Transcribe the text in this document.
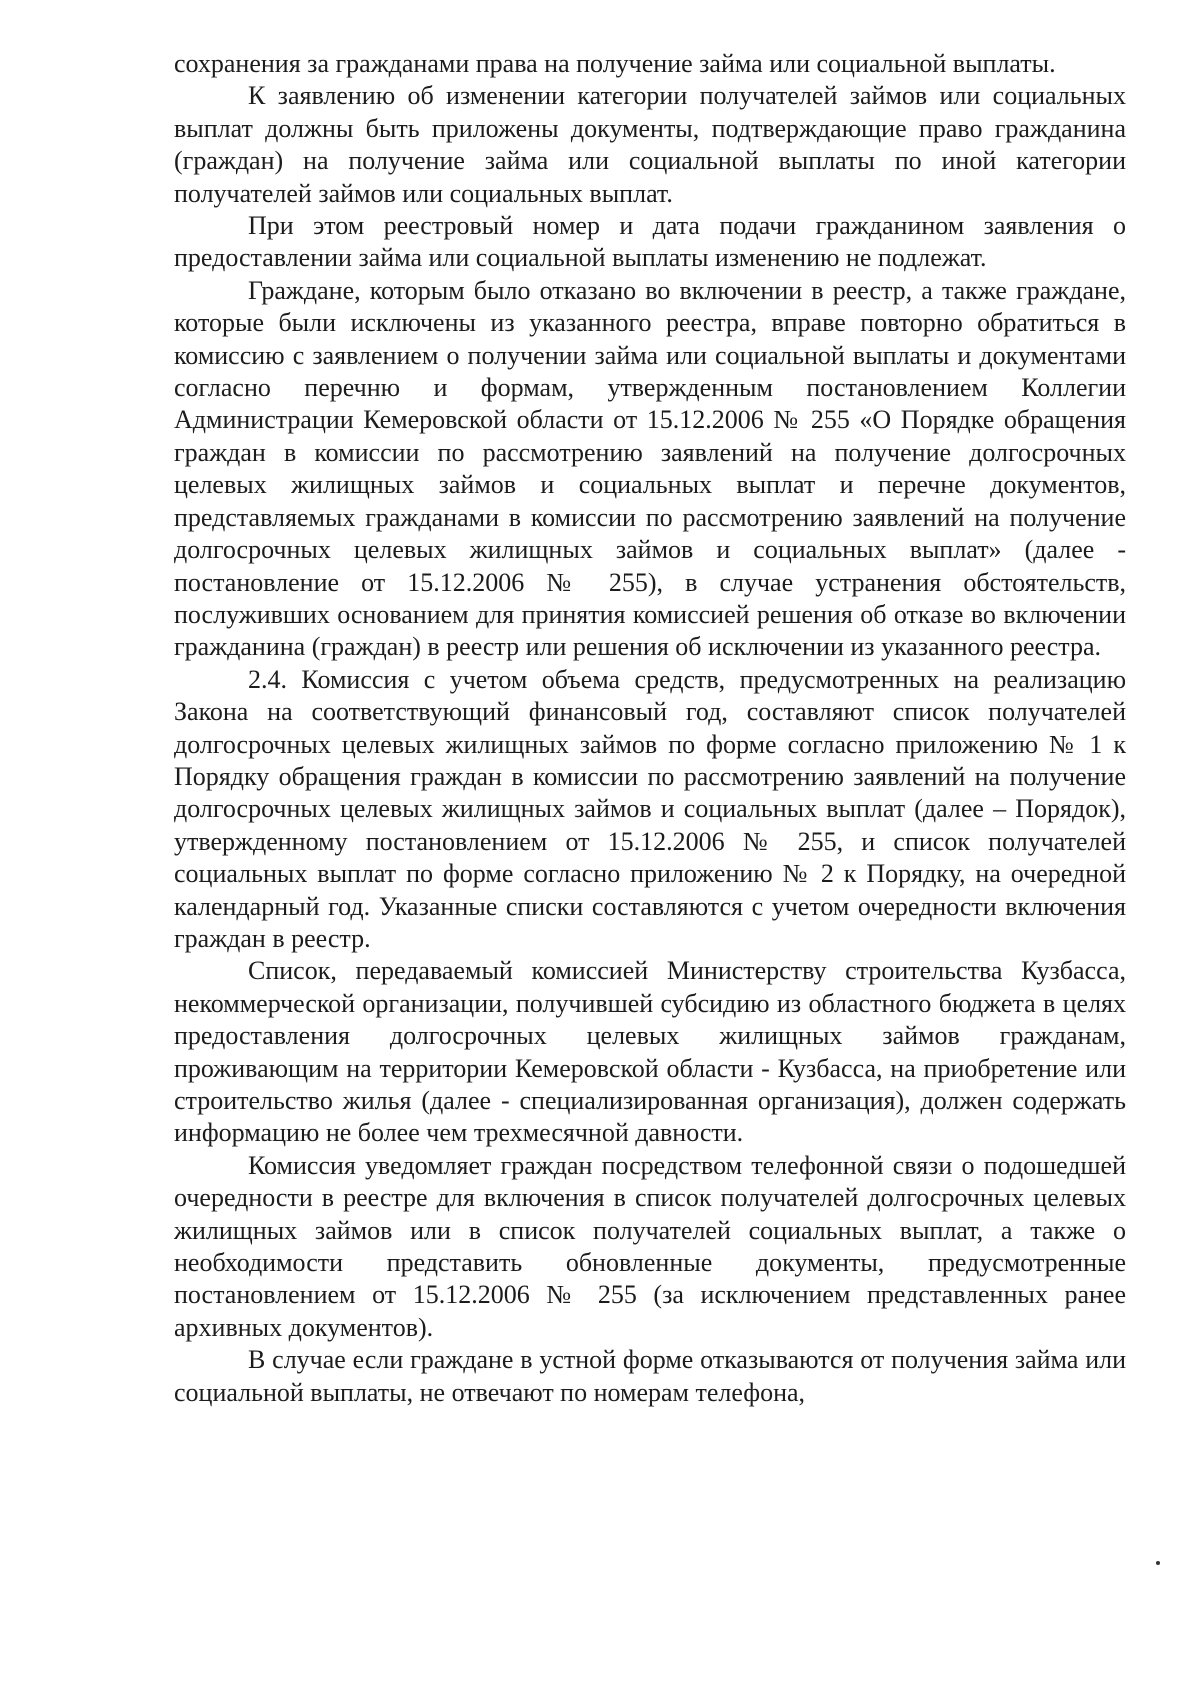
сохранения за гражданами права на получение займа или социальной выплаты.

К заявлению об изменении категории получателей займов или социальных выплат должны быть приложены документы, подтверждающие право гражданина (граждан) на получение займа или социальной выплаты по иной категории получателей займов или социальных выплат.

При этом реестровый номер и дата подачи гражданином заявления о предоставлении займа или социальной выплаты изменению не подлежат.

Граждане, которым было отказано во включении в реестр, а также граждане, которые были исключены из указанного реестра, вправе повторно обратиться в комиссию с заявлением о получении займа или социальной выплаты и документами согласно перечню и формам, утвержденным постановлением Коллегии Администрации Кемеровской области от 15.12.2006 № 255 «О Порядке обращения граждан в комиссии по рассмотрению заявлений на получение долгосрочных целевых жилищных займов и социальных выплат и перечне документов, представляемых гражданами в комиссии по рассмотрению заявлений на получение долгосрочных целевых жилищных займов и социальных выплат» (далее - постановление от 15.12.2006 № 255), в случае устранения обстоятельств, послуживших основанием для принятия комиссией решения об отказе во включении гражданина (граждан) в реестр или решения об исключении из указанного реестра.

2.4. Комиссия с учетом объема средств, предусмотренных на реализацию Закона на соответствующий финансовый год, составляют список получателей долгосрочных целевых жилищных займов по форме согласно приложению № 1 к Порядку обращения граждан в комиссии по рассмотрению заявлений на получение долгосрочных целевых жилищных займов и социальных выплат (далее – Порядок), утвержденному постановлением от 15.12.2006 № 255, и список получателей социальных выплат по форме согласно приложению № 2 к Порядку, на очередной календарный год. Указанные списки составляются с учетом очередности включения граждан в реестр.

Список, передаваемый комиссией Министерству строительства Кузбасса, некоммерческой организации, получившей субсидию из областного бюджета в целях предоставления долгосрочных целевых жилищных займов гражданам, проживающим на территории Кемеровской области - Кузбасса, на приобретение или строительство жилья (далее - специализированная организация), должен содержать информацию не более чем трехмесячной давности.

Комиссия уведомляет граждан посредством телефонной связи о подошедшей очередности в реестре для включения в список получателей долгосрочных целевых жилищных займов или в список получателей социальных выплат, а также о необходимости представить обновленные документы, предусмотренные постановлением от 15.12.2006 № 255 (за исключением представленных ранее архивных документов).

В случае если граждане в устной форме отказываются от получения займа или социальной выплаты, не отвечают по номерам телефона,
